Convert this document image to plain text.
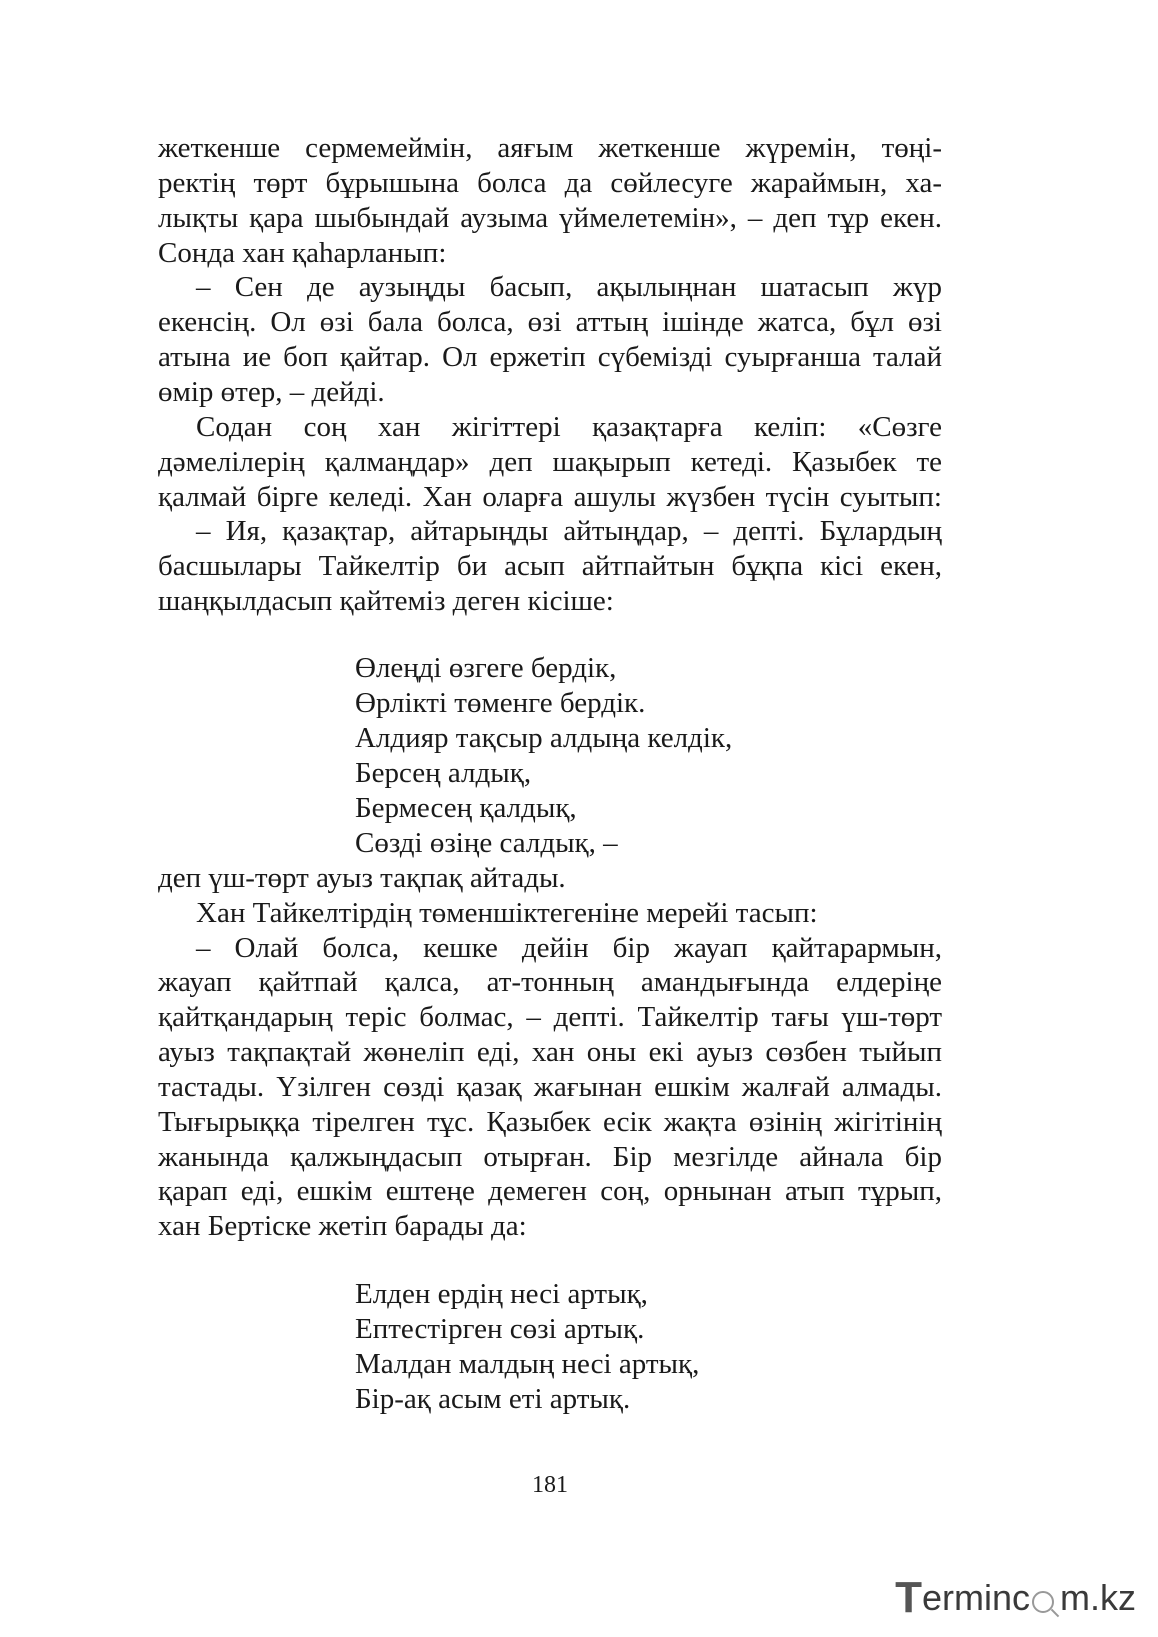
жеткенше сермемеймін, аяғым жеткенше жүремін, төңі-
ректің төрт бұрышына болса да сөйлесуге жараймын, ха-
лықты қара шыбындай аузыма үймелетемін», – деп тұр екен.
Сонда хан қаһарланып:
– Сен де аузыңды басып, ақылыңнан шатасып жүр
екенсің. Ол өзі бала болса, өзі аттың ішінде жатса, бұл өзі
атына ие боп қайтар. Ол ержетіп сүбемізді суырғанша талай
өмір өтер, – дейді.
Содан соң хан жігіттері қазақтарға келіп: «Сөзге
дәмелілерің қалмаңдар» деп шақырып кетеді. Қазыбек те
қалмай бірге келеді. Хан оларға ашулы жүзбен түсін суытып:
– Ия, қазақтар, айтарыңды айтыңдар, – депті. Бұлардың
басшылары Тайкелтір би асып айтпайтын бұқпа кісі екен,
шаңқылдасып қайтеміз деген кісіше:
Өлеңді өзгеге бердік,
Өрлікті төменге бердік.
Алдияр тақсыр алдыңа келдік,
Берсең алдық,
Бермесең қалдық,
Сөзді өзіңе салдық, –
деп үш-төрт ауыз тақпақ айтады.
Хан Тайкелтірдің төменшіктегеніне мерейі тасып:
– Олай болса, кешке дейін бір жауап қайтарармын,
жауап қайтпай қалса, ат-тонның амандығында елдеріңе
қайтқандарың теріс болмас, – депті. Тайкелтір тағы үш-төрт
ауыз тақпақтай жөнеліп еді, хан оны екі ауыз сөзбен тыйып
тастады. Үзілген сөзді қазақ жағынан ешкім жалғай алмады.
Тығырыққа тірелген тұс. Қазыбек есік жақта өзінің жігітінің
жанында қалжыңдасып отырған. Бір мезгілде айнала бір
қарап еді, ешкім ештеңе демеген соң, орнынан атып тұрып,
хан Бертіске жетіп барады да:
Елден ердің несі артық,
Ептестірген сөзі артық.
Малдан малдың несі артық,
Бір-ақ асым еті артық.
181
T erminc m.kz
